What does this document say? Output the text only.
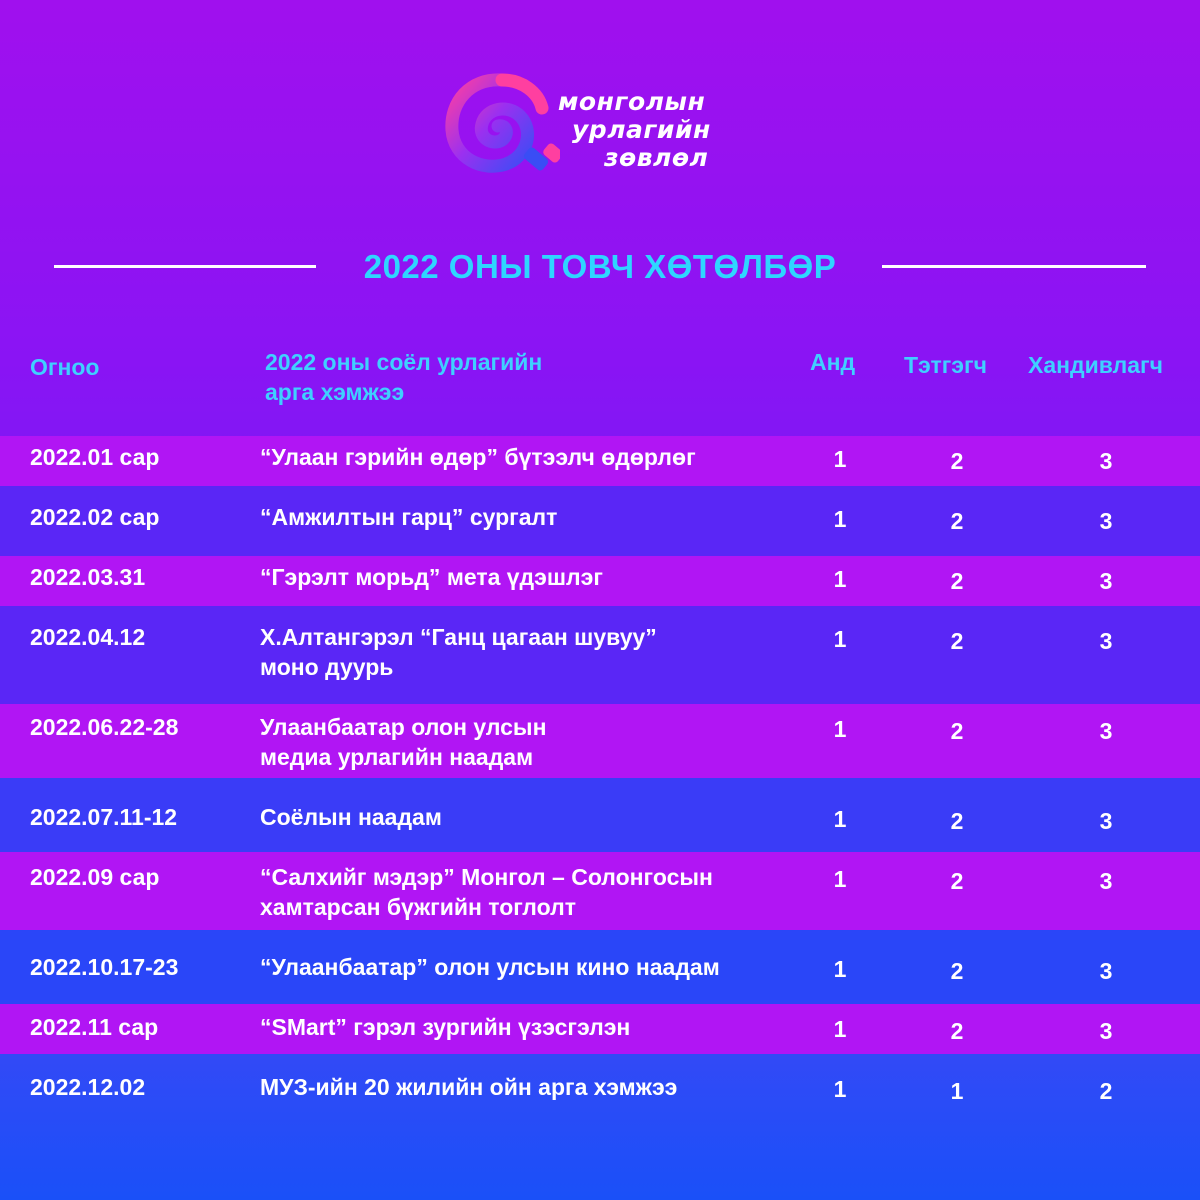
монголын
урлагийн
зөвлөл
2022 ОНЫ ТОВЧ ХӨТӨЛБӨР
Огноо	2022 оны соёл урлагийн
арга хэмжээ
Анд Тэтгэгч Хандивлагч
2022.01 сар	“Улаан гэрийн өдөр” бүтээлч өдөрлөг	1	2	3
2022.02 сар	“Амжилтын гарц” сургалт	1	2	3
2022.03.31	“Гэрэлт морьд” мета үдэшлэг	1	2	3
2022.04.12	Х.Алтангэрэл “Ганц цагаан шувуу”
моно дуурь
1	2	3
2022.06.22-28	Улаанбаатар олон улсын
медиа урлагийн наадам
1	2	3
2022.07.11-12	Соёлын наадам	1	2	3
2022.09 сар	“Салхийг мэдэр” Монгол – Солонгосын
хамтарсан бүжгийн тоглолт
1	2	3
2022.10.17-23	“Улаанбаатар” олон улсын кино наадам	1	2	3
2022.11 сар	“SMart” гэрэл зургийн үзэсгэлэн	1	2	3
2022.12.02	МУЗ-ийн 20 жилийн ойн арга хэмжээ	1	1	2
